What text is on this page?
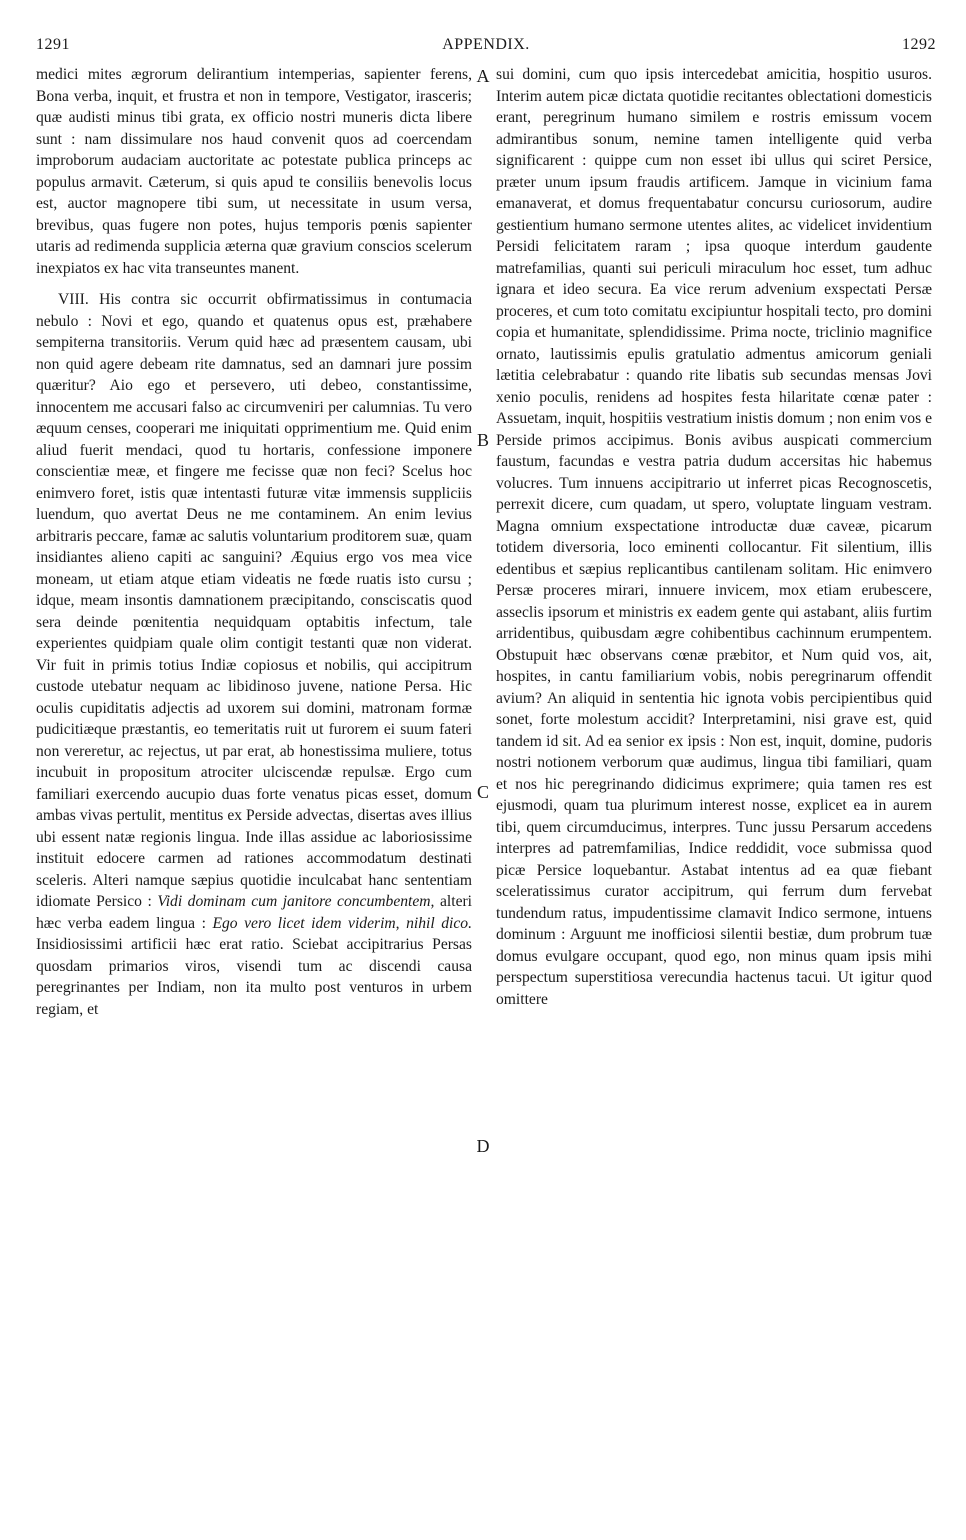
1291	APPENDIX.	1292

medici mites ægrorum delirantium intemperias, sapienter ferens, Bona verba, inquit, et frustra et non in tempore, Vestigator, irasceris; quæ audisti minus tibi grata, ex officio nostri muneris dicta libere sunt : nam dissimulare nos haud convenit quos ad coercendam improborum audaciam auctoritate ac potestate publica princeps ac populus armavit. Cæterum, si quis apud te consiliis benevolis locus est, auctor magnopere tibi sum, ut necessitate in usum versa, brevibus, quas fugere non potes, hujus temporis pœnis sapienter utaris ad redimenda supplicia æterna quæ gravium conscios scelerum inexpiatos ex hac vita transeuntes manent.

VIII. His contra sic occurrit obfirmatissimus in contumacia nebulo : Novi et ego, quando et quatenus opus est, præhabere sempiterna transitoriis. Verum quid hæc ad præsentem causam, ubi non quid agere debeam rite damnatus, sed an damnari jure possim quæritur? Aio ego et persevero, uti debeo, constantissime, innocentem me accusari falso ac circumveniri per calumnias. Tu vero æquum censes, cooperari me iniquitati opprimentium me. Quid enim aliud fuerit mendaci, quod tu hortaris, confessione imponere conscientiæ meæ, et fingere me fecisse quæ non feci? Scelus hoc enimvero foret, istis quæ intentasti futuræ vitæ immensis suppliciis luendum, quo avertat Deus ne me contaminem. An enim levius arbitraris peccare, famæ ac salutis voluntarium proditorem suæ, quam insidiantes alieno capiti ac sanguini? Æquius ergo vos mea vice moneam, ut etiam atque etiam videatis ne fœde ruatis isto cursu ; idque, meam insontis damnationem præcipitando, consciscatis quod sera deinde pœnitentia nequidquam optabitis infectum, tale experientes quidpiam quale olim contigit testanti quæ non viderat. Vir fuit in primis totius Indiæ copiosus et nobilis, qui accipitrum custode utebatur nequam ac libidinoso juvene, natione Persa. Hic oculis cupiditatis adjectis ad uxorem sui domini, matronam formæ pudicitiæque præstantis, eo temeritatis ruit ut furorem ei suum fateri non vereretur, ac rejectus, ut par erat, ab honestissima muliere, totus incubuit in propositum atrociter ulciscendæ repulsæ. Ergo cum familiari exercendo aucupio duas forte venatus picas esset, domum ambas vivas pertulit, mentitus ex Perside advectas, disertas aves illius ubi essent natæ regionis lingua. Inde illas assidue ac laboriosissime instituit edocere carmen ad rationes accommodatum destinati sceleris. Alteri namque sæpius quotidie inculcabat hanc sententiam idiomate Persico : Vidi dominam cum janitore concumbentem, alteri hæc verba eadem lingua : Ego vero licet idem viderim, nihil dico. Insidiosissimi artificii hæc erat ratio. Sciebat accipitrarius Persas quosdam primarios viros, visendi tum ac discendi causa peregrinantes per Indiam, non ita multo post venturos in urbem regiam, et

A
B
C
D

sui domini, cum quo ipsis intercedebat amicitia, hospitio usuros. Interim autem picæ dictata quotidie recitantes oblectationi domesticis erant, peregrinum humano similem e rostris emissum vocem admirantibus sonum, nemine tamen intelligente quid verba significarent : quippe cum non esset ibi ullus qui sciret Persice, præter unum ipsum fraudis artificem. Jamque in vicinium fama emanaverat, et domus frequentabatur concursu curiosorum, audire gestientium humano sermone utentes alites, ac videlicet invidentium Persidi felicitatem raram ; ipsa quoque interdum gaudente matrefamilias, quanti sui periculi miraculum hoc esset, tum adhuc ignara et ideo secura. Ea vice rerum advenium exspectati Persæ proceres, et cum toto comitatu excipiuntur hospitali tecto, pro domini copia et humanitate, splendidissime. Prima nocte, triclinio magnifice ornato, lautissimis epulis gratulatio admentus amicorum geniali lætitia celebrabatur : quando rite libatis sub secundas mensas Jovi xenio poculis, renidens ad hospites festa hilaritate cœnæ pater : Assuetam, inquit, hospitiis vestratium inistis domum ; non enim vos e Perside primos accipimus. Bonis avibus auspicati commercium faustum, facundas e vestra patria dudum accersitas hic habemus volucres. Tum innuens accipitrario ut inferret picas Recognoscetis, perrexit dicere, cum quadam, ut spero, voluptate linguam vestram. Magna omnium exspectatione introductæ duæ caveæ, picarum totidem diversoria, loco eminenti collocantur. Fit silentium, illis edentibus et sæpius replicantibus cantilenam solitam. Hic enimvero Persæ proceres mirari, innuere invicem, mox etiam erubescere, asseclis ipsorum et ministris ex eadem gente qui astabant, aliis furtim arridentibus, quibusdam ægre cohibentibus cachinnum erumpentem. Obstupuit hæc observans cœnæ præbitor, et Num quid vos, ait, hospites, in cantu familiarium vobis, nobis peregrinarum offendit avium? An aliquid in sententia hic ignota vobis percipientibus quid sonet, forte molestum accidit? Interpretamini, nisi grave est, quid tandem id sit. Ad ea senior ex ipsis : Non est, inquit, domine, pudoris nostri notionem verborum quæ audimus, lingua tibi familiari, quam et nos hic peregrinando didicimus exprimere; quia tamen res est ejusmodi, quam tua plurimum interest nosse, explicet ea in aurem tibi, quem circumducimus, interpres. Tunc jussu Persarum accedens interpres ad patremfamilias, Indice reddidit, voce submissa quod picæ Persice loquebantur. Astabat intentus ad ea quæ fiebant sceleratissimus curator accipitrum, qui ferrum dum fervebat tundendum ratus, impudentissime clamavit Indico sermone, intuens dominum : Arguunt me inofficiosi silentii bestiæ, dum probrum tuæ domus evulgare occupant, quod ego, non minus quam ipsis mihi perspectum superstitiosa verecundia hactenus tacui. Ut igitur quod omittere
